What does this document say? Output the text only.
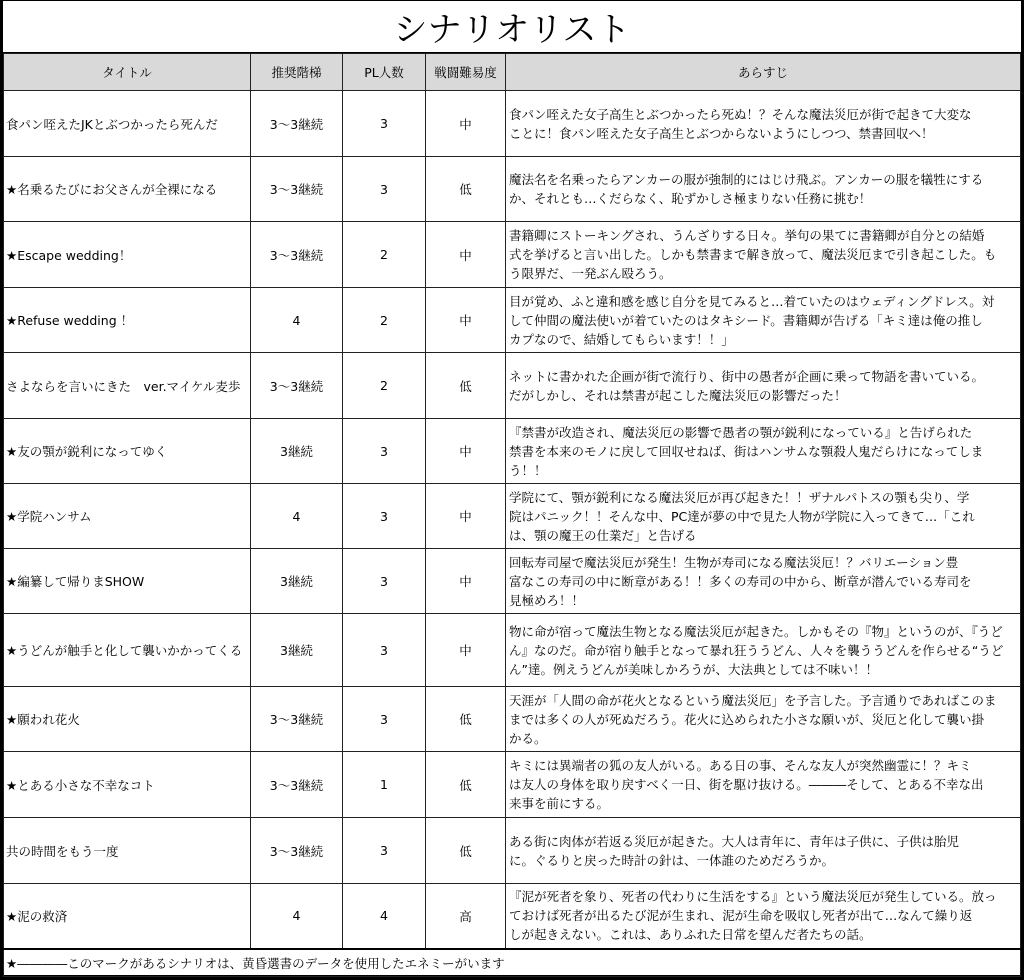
シナリオリスト
タイトル	推奨階梯	PL人数	戦闘難易度	あらすじ
食パン咥えたJKとぶつかったら死んだ	3〜3継続	3	中	食パン咥えた女子高生とぶつかったら死ぬ！？そんな魔法災厄が街で起きて大変な
ことに！食パン咥えた女子高生とぶつからないようにしつつ、禁書回収へ！

★名乗るたびにお父さんが全裸になる	3〜3継続	3	低	魔法名を名乗ったらアンカーの服が強制的にはじけ飛ぶ。アンカーの服を犠牲にする
か、それとも…くだらなく、恥ずかしさ極まりない任務に挑む！

★Escape wedding！	3〜3継続	2	中	書籍卿にストーキングされ、うんざりする日々。挙句の果てに書籍卿が自分との結婚
式を挙げると言い出した。しかも禁書まで解き放って、魔法災厄まで引き起こした。も
う限界だ、一発ぶん殴ろう。

★Refuse wedding ！	4	2	中	目が覚め、ふと違和感を感じ自分を見てみると…着ていたのはウェディングドレス。対
して仲間の魔法使いが着ていたのはタキシード。書籍卿が告げる「キミ達は俺の推し
カプなので、結婚してもらいます！！」

さよならを言いにきた　ver.マイケル麦歩	3〜3継続	2	低	ネットに書かれた企画が街で流行り、街中の愚者が企画に乗って物語を書いている。
だがしかし、それは禁書が起こした魔法災厄の影響だった！

★友の顎が鋭利になってゆく	3継続	3	中	『禁書が改造され、魔法災厄の影響で愚者の顎が鋭利になっている』と告げられた
禁書を本来のモノに戻して回収せねば、街はハンサムな顎殺人鬼だらけになってしま
う！！

★学院ハンサム	4	3	中	学院にて、顎が鋭利になる魔法災厄が再び起きた！！ザナルパトスの顎も尖り、学
院はパニック！！そんな中、PC達が夢の中で見た人物が学院に入ってきて…「これ
は、顎の魔王の仕業だ」と告げる

★編纂して帰りまSHOW	3継続	3	中	回転寿司屋で魔法災厄が発生！生物が寿司になる魔法災厄！？バリエーション豊
富なこの寿司の中に断章がある！！多くの寿司の中から、断章が潜んでいる寿司を
見極めろ！！

★うどんが触手と化して襲いかかってくる	3継続	3	中	物に命が宿って魔法生物となる魔法災厄が起きた。しかもその『物』というのが、『うど
ん』なのだ。命が宿り触手となって暴れ狂ううどん、人々を襲ううどんを作らせる“うど
ん”達。例えうどんが美味しかろうが、大法典としては不味い！！

★願われ花火	3〜3継続	3	低	天涯が「人間の命が花火となるという魔法災厄」を予言した。予言通りであればこのま
までは多くの人が死ぬだろう。花火に込められた小さな願いが、災厄と化して襲い掛
かる。

★とある小さな不幸なコト	3〜3継続	1	低	キミには異端者の狐の友人がいる。ある日の事、そんな友人が突然幽霊に！？キミ
は友人の身体を取り戻すべく一日、街を駆け抜ける。―――そして、とある不幸な出
来事を前にする。

共の時間をもう一度	3〜3継続	3	低	ある街に肉体が若返る災厄が起きた。大人は青年に、青年は子供に、子供は胎児
に。ぐるりと戻った時計の針は、一体誰のためだろうか。

★泥の救済	4	4	高	『泥が死者を象り、死者の代わりに生活をする』という魔法災厄が発生している。放っ
ておけば死者が出るたび泥が生まれ、泥が生命を吸収し死者が出て…なんて繰り返
しが起きえない。これは、ありふれた日常を望んだ者たちの話。

★――――このマークがあるシナリオは、黄昏選書のデータを使用したエネミーがいます				
